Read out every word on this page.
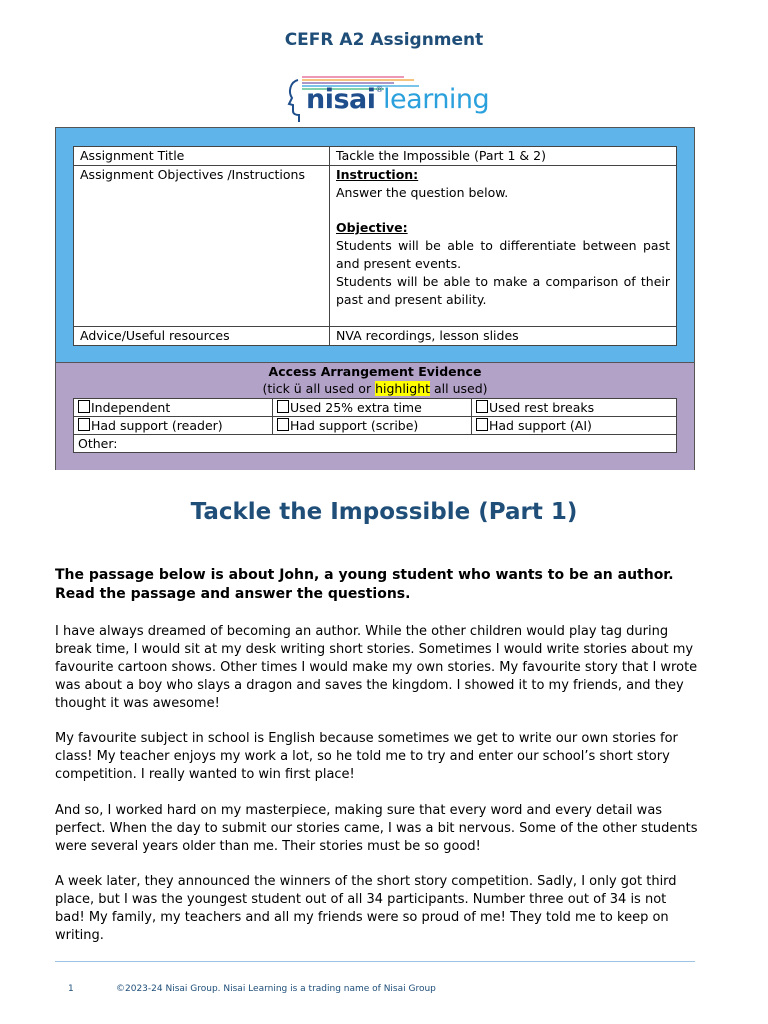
CEFR A2 Assignment
nisai®learning
Assignment Title	Tackle the Impossible (Part 1 & 2)
Assignment Objectives /Instructions	Instruction:
Answer the question below.
Objective:
Students will be able to differentiate between past and present events.
Students will be able to make a comparison of their past and present ability.

Advice/Useful resources	NVA recordings, lesson slides
Access Arrangement Evidence
(tick ü all used or highlight all used)
Independent	Used 25% extra time	Used rest breaks
Had support (reader)	Had support (scribe)	Had support (AI)
Other:		
Tackle the Impossible (Part 1)
The passage below is about John, a young student who wants to be an author. Read the passage and answer the questions.

I have always dreamed of becoming an author. While the other children would play tag during break time, I would sit at my desk writing short stories. Sometimes I would write stories about my favourite cartoon shows. Other times I would make my own stories. My favourite story that I wrote was about a boy who slays a dragon and saves the kingdom. I showed it to my friends, and they thought it was awesome!

My favourite subject in school is English because sometimes we get to write our own stories for class! My teacher enjoys my work a lot, so he told me to try and enter our school’s short story competition. I really wanted to win first place!

And so, I worked hard on my masterpiece, making sure that every word and every detail was perfect. When the day to submit our stories came, I was a bit nervous. Some of the other students were several years older than me. Their stories must be so good!

A week later, they announced the winners of the short story competition. Sadly, I only got third place, but I was the youngest student out of all 34 participants. Number three out of 34 is not bad! My family, my teachers and all my friends were so proud of me! They told me to keep on writing.

1	©2023-24 Nisai Group. Nisai Learning is a trading name of Nisai Group
